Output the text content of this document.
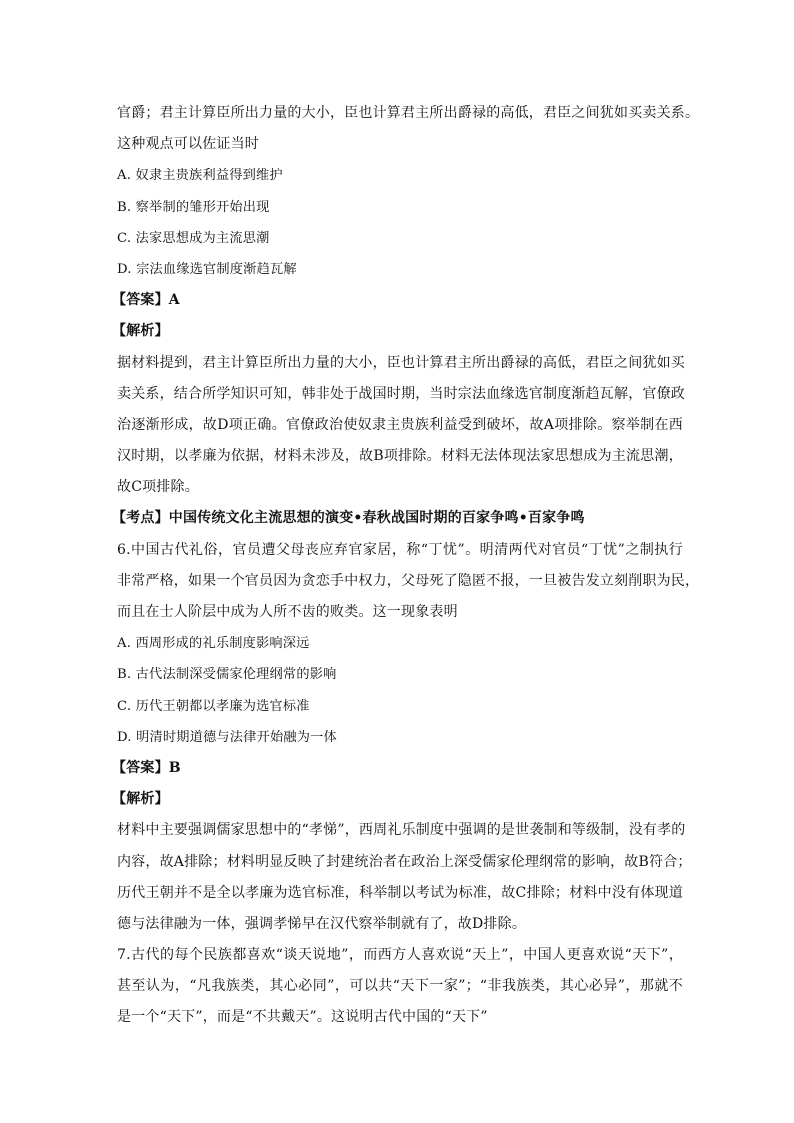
官爵；君主计算臣所出力量的大小，臣也计算君主所出爵禄的高低，君臣之间犹如买卖关系。
这种观点可以佐证当时
A. 奴隶主贵族利益得到维护
B. 察举制的雏形开始出现
C. 法家思想成为主流思潮
D. 宗法血缘选官制度渐趋瓦解
【答案】A
【解析】
据材料提到，君主计算臣所出力量的大小，臣也计算君主所出爵禄的高低，君臣之间犹如买
卖关系，结合所学知识可知，韩非处于战国时期，当时宗法血缘选官制度渐趋瓦解，官僚政
治逐渐形成，故D项正确。官僚政治使奴隶主贵族利益受到破坏，故A项排除。察举制在西
汉时期，以孝廉为依据，材料未涉及，故B项排除。材料无法体现法家思想成为主流思潮，
故C项排除。
【考点】中国传统文化主流思想的演变•春秋战国时期的百家争鸣•百家争鸣
6.中国古代礼俗，官员遭父母丧应弃官家居，称“丁忧”。明清两代对官员“丁忧”之制执行
非常严格，如果一个官员因为贪恋手中权力，父母死了隐匿不报，一旦被告发立刻削职为民，
而且在士人阶层中成为人所不齿的败类。这一现象表明
A. 西周形成的礼乐制度影响深远
B. 古代法制深受儒家伦理纲常的影响
C. 历代王朝都以孝廉为选官标准
D. 明清时期道德与法律开始融为一体
【答案】B
【解析】
材料中主要强调儒家思想中的“孝悌”，西周礼乐制度中强调的是世袭制和等级制，没有孝的
内容，故A排除；材料明显反映了封建统治者在政治上深受儒家伦理纲常的影响，故B符合；
历代王朝并不是全以孝廉为选官标准，科举制以考试为标准，故C排除；材料中没有体现道
德与法律融为一体，强调孝悌早在汉代察举制就有了，故D排除。
7.古代的每个民族都喜欢“谈天说地”，而西方人喜欢说“天上”，中国人更喜欢说“天下”，
甚至认为，“凡我族类，其心必同”，可以共“天下一家”；“非我族类，其心必异”，那就不
是一个“天下”，而是“不共戴天”。这说明古代中国的“天下”
